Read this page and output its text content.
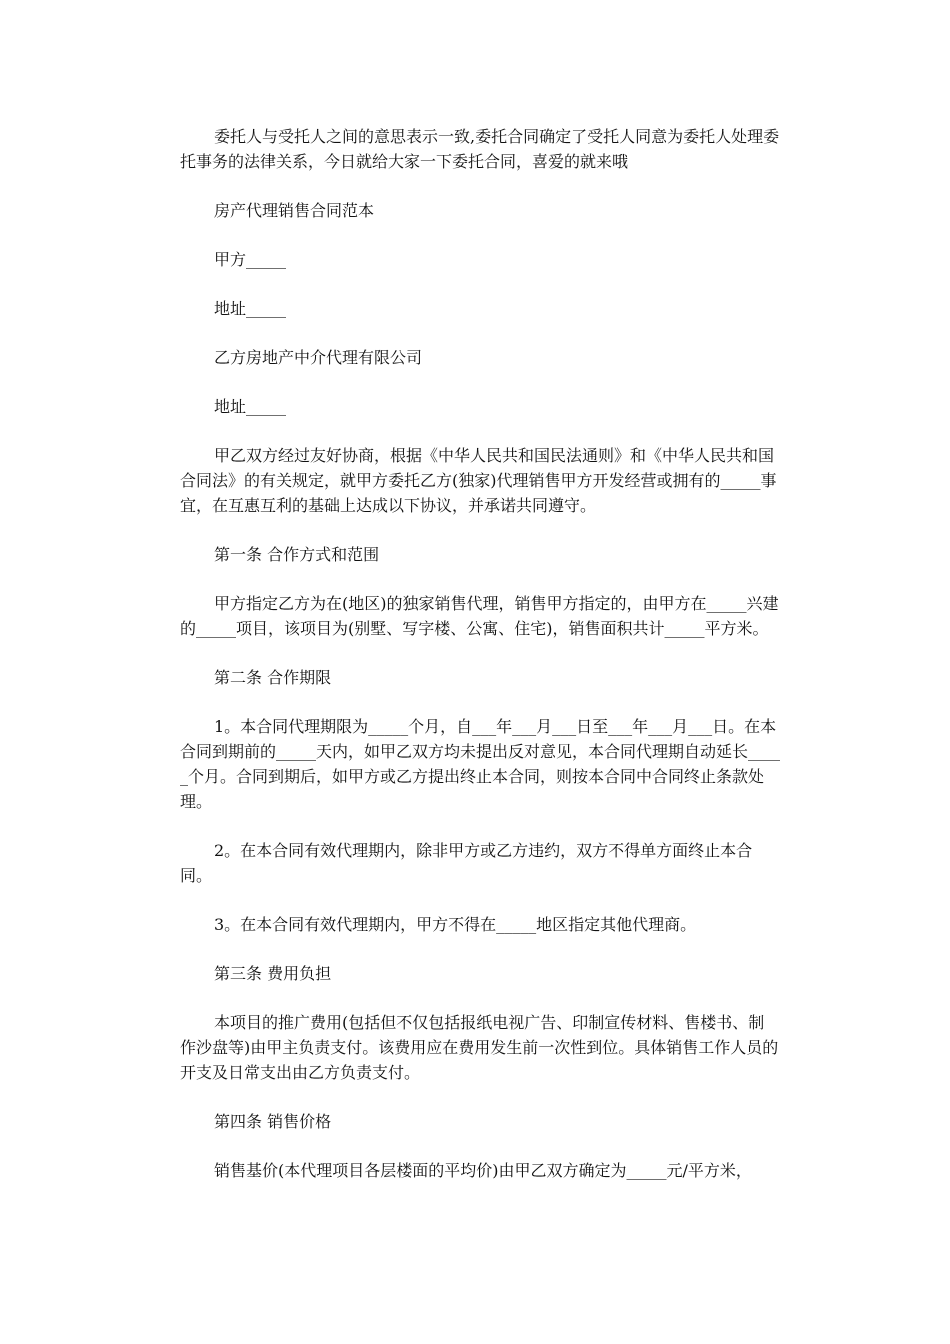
委托人与受托人之间的意思表示一致,委托合同确定了受托人同意为委托人处理委托事务的法律关系，今日就给大家一下委托合同，喜爱的就来哦

房产代理销售合同范本

甲方_____

地址_____

乙方房地产中介代理有限公司

地址_____

甲乙双方经过友好协商，根据《中华人民共和国民法通则》和《中华人民共和国合同法》的有关规定，就甲方委托乙方(独家)代理销售甲方开发经营或拥有的_____事宜，在互惠互利的基础上达成以下协议，并承诺共同遵守。

第一条 合作方式和范围

甲方指定乙方为在(地区)的独家销售代理，销售甲方指定的，由甲方在_____兴建的_____项目，该项目为(别墅、写字楼、公寓、住宅)，销售面积共计_____平方米。

第二条 合作期限

1。本合同代理期限为_____个月，自___年___月___日至___年___月___日。在本合同到期前的_____天内，如甲乙双方均未提出反对意见，本合同代理期自动延长_____个月。合同到期后，如甲方或乙方提出终止本合同，则按本合同中合同终止条款处理。

2。在本合同有效代理期内，除非甲方或乙方违约，双方不得单方面终止本合同。

3。在本合同有效代理期内，甲方不得在_____地区指定其他代理商。

第三条 费用负担

本项目的推广费用(包括但不仅包括报纸电视广告、印制宣传材料、售楼书、制作沙盘等)由甲主负责支付。该费用应在费用发生前一次性到位。具体销售工作人员的开支及日常支出由乙方负责支付。

第四条 销售价格

销售基价(本代理项目各层楼面的平均价)由甲乙双方确定为_____元/平方米，
